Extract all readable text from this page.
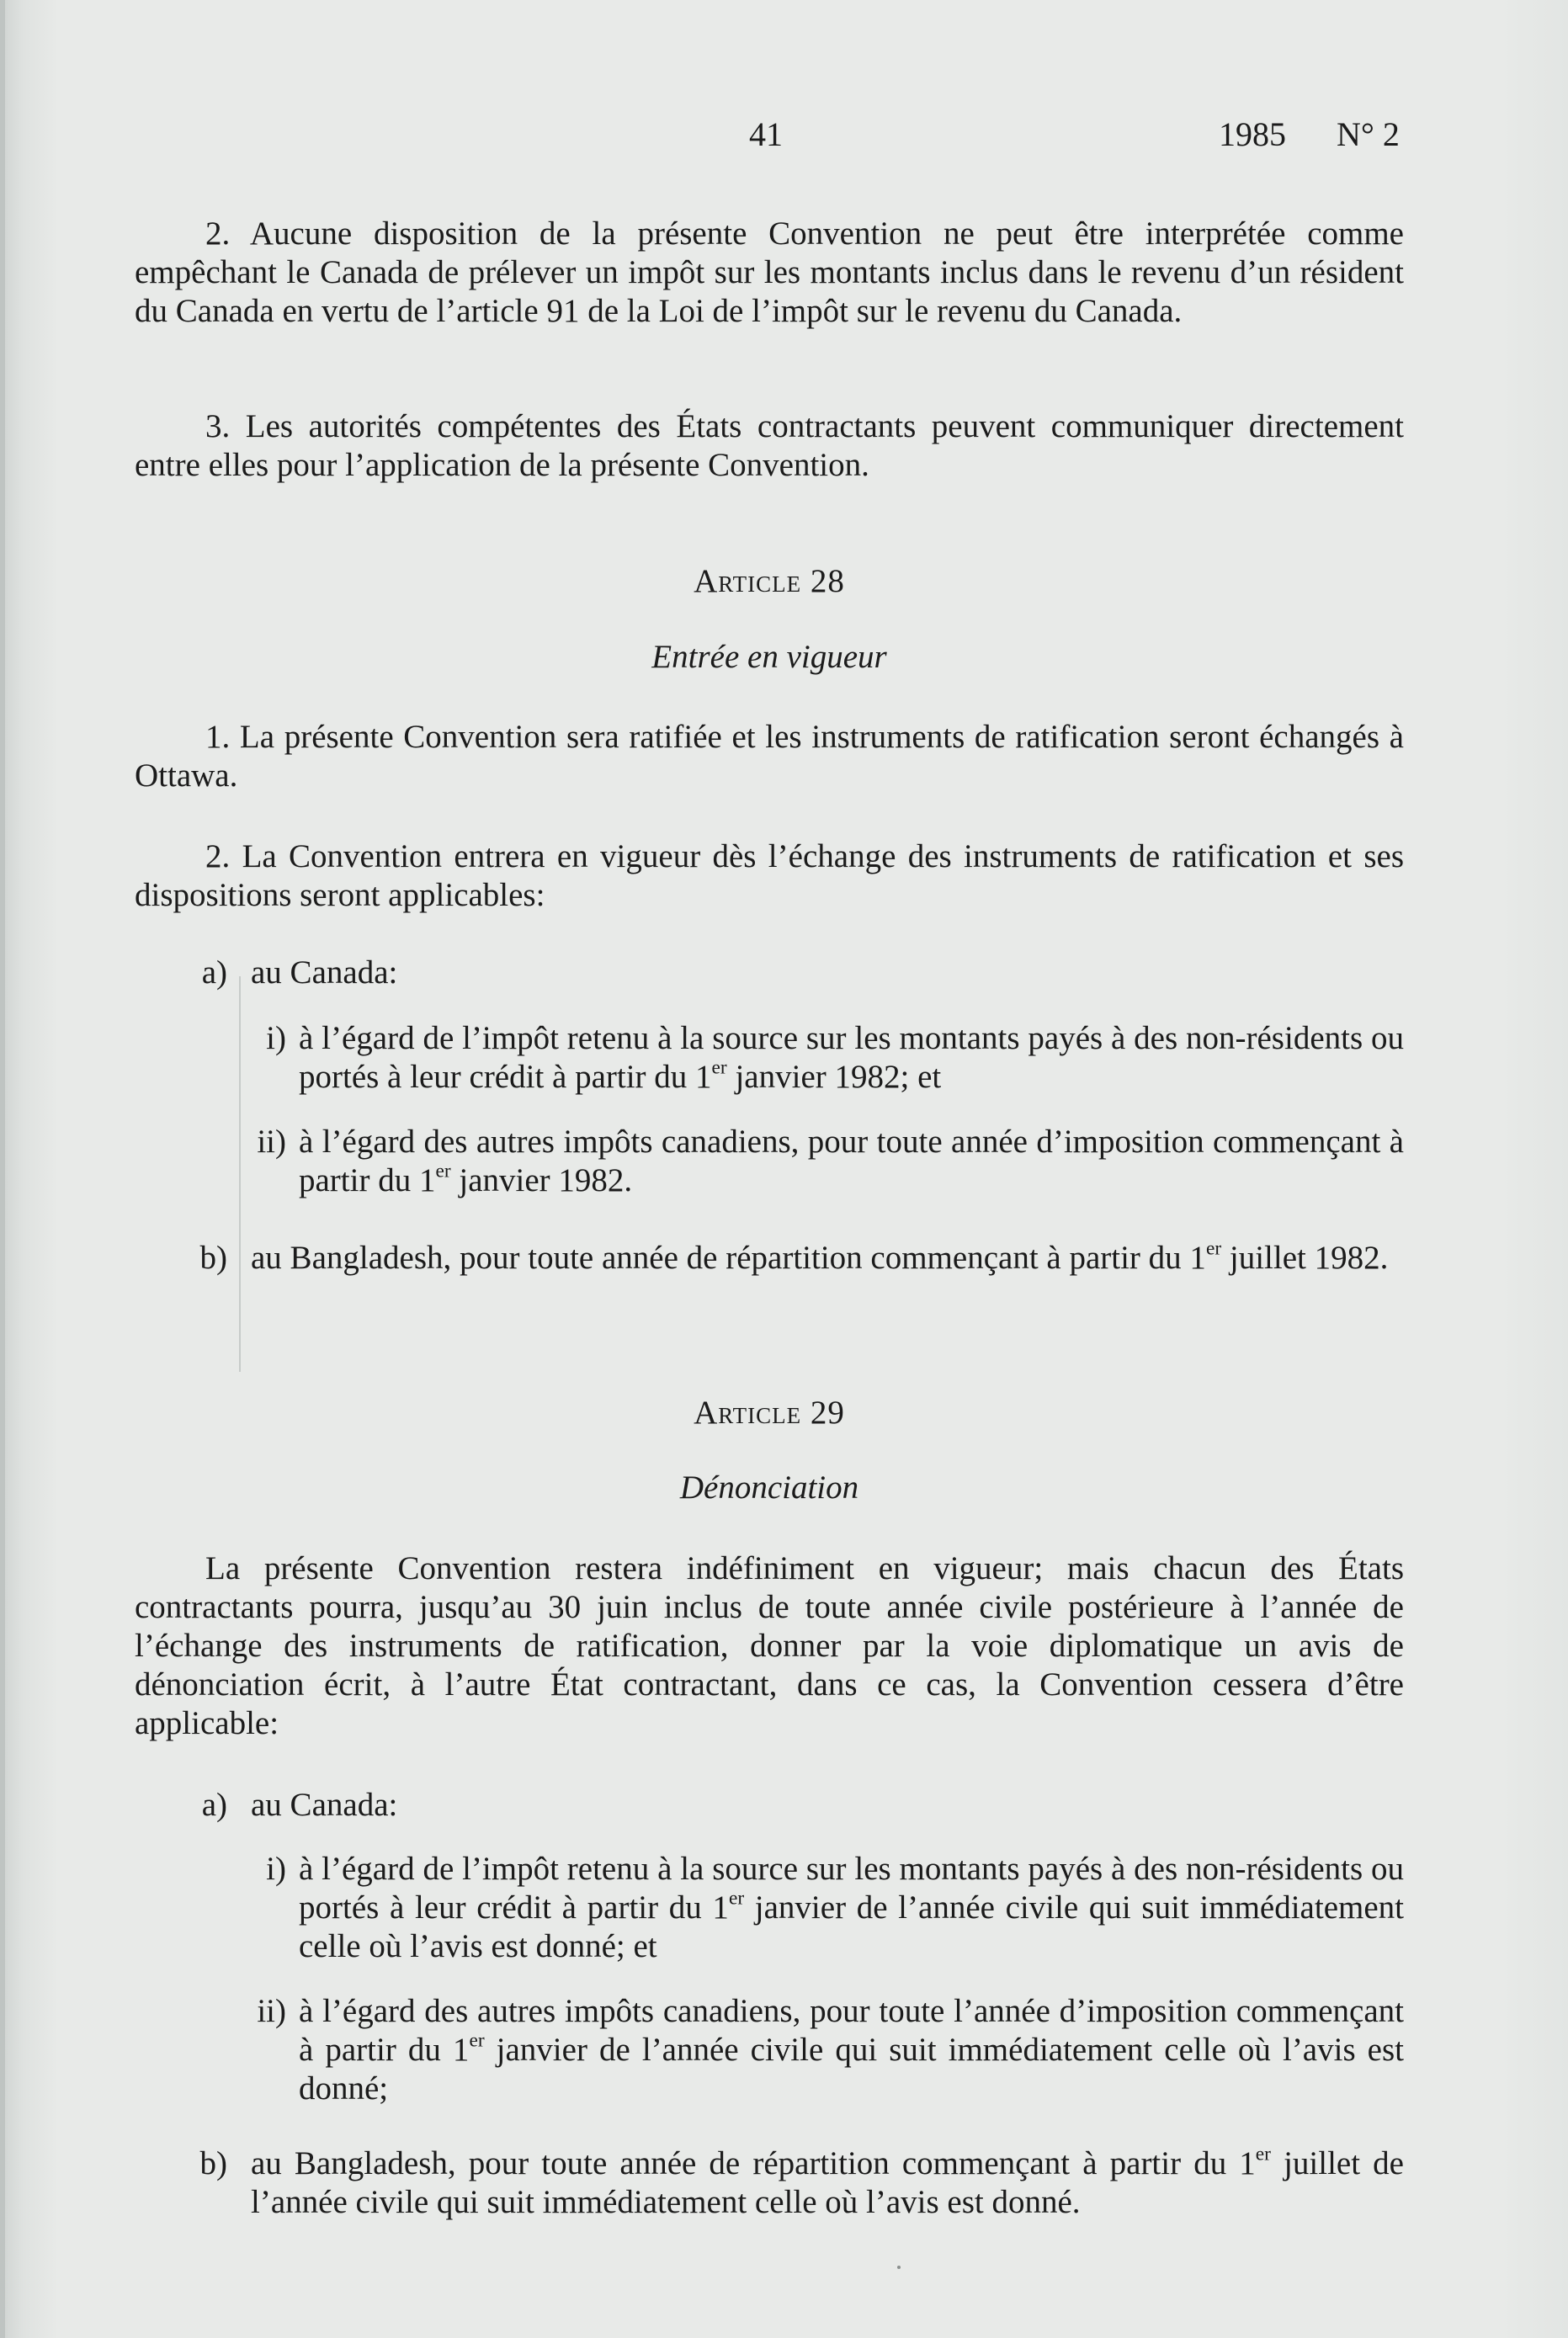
41	1985 N° 2
2. Aucune disposition de la présente Convention ne peut être interprétée comme empêchant le Canada de prélever un impôt sur les montants inclus dans le revenu d’un résident du Canada en vertu de l’article 91 de la Loi de l’impôt sur le revenu du Canada.
3. Les autorités compétentes des États contractants peuvent communiquer directement entre elles pour l’application de la présente Convention.
Article 28
Entrée en vigueur
1. La présente Convention sera ratifiée et les instruments de ratification seront échangés à Ottawa.
2. La Convention entrera en vigueur dès l’échange des instruments de ratification et ses dispositions seront applicables:
a) au Canada:
i) à l’égard de l’impôt retenu à la source sur les montants payés à des non-résidents ou portés à leur crédit à partir du 1er janvier 1982; et
ii) à l’égard des autres impôts canadiens, pour toute année d’imposition commençant à partir du 1er janvier 1982.
b) au Bangladesh, pour toute année de répartition commençant à partir du 1er juillet 1982.
Article 29
Dénonciation
La présente Convention restera indéfiniment en vigueur; mais chacun des États contractants pourra, jusqu’au 30 juin inclus de toute année civile postérieure à l’année de l’échange des instruments de ratification, donner par la voie diplomatique un avis de dénonciation écrit, à l’autre État contractant, dans ce cas, la Convention cessera d’être applicable:
a) au Canada:
i) à l’égard de l’impôt retenu à la source sur les montants payés à des non-résidents ou portés à leur crédit à partir du 1er janvier de l’année civile qui suit immédiatement celle où l’avis est donné; et
ii) à l’égard des autres impôts canadiens, pour toute l’année d’imposition commençant à partir du 1er janvier de l’année civile qui suit immédiatement celle où l’avis est donné;
b) au Bangladesh, pour toute année de répartition commençant à partir du 1er juillet de l’année civile qui suit immédiatement celle où l’avis est donné.
